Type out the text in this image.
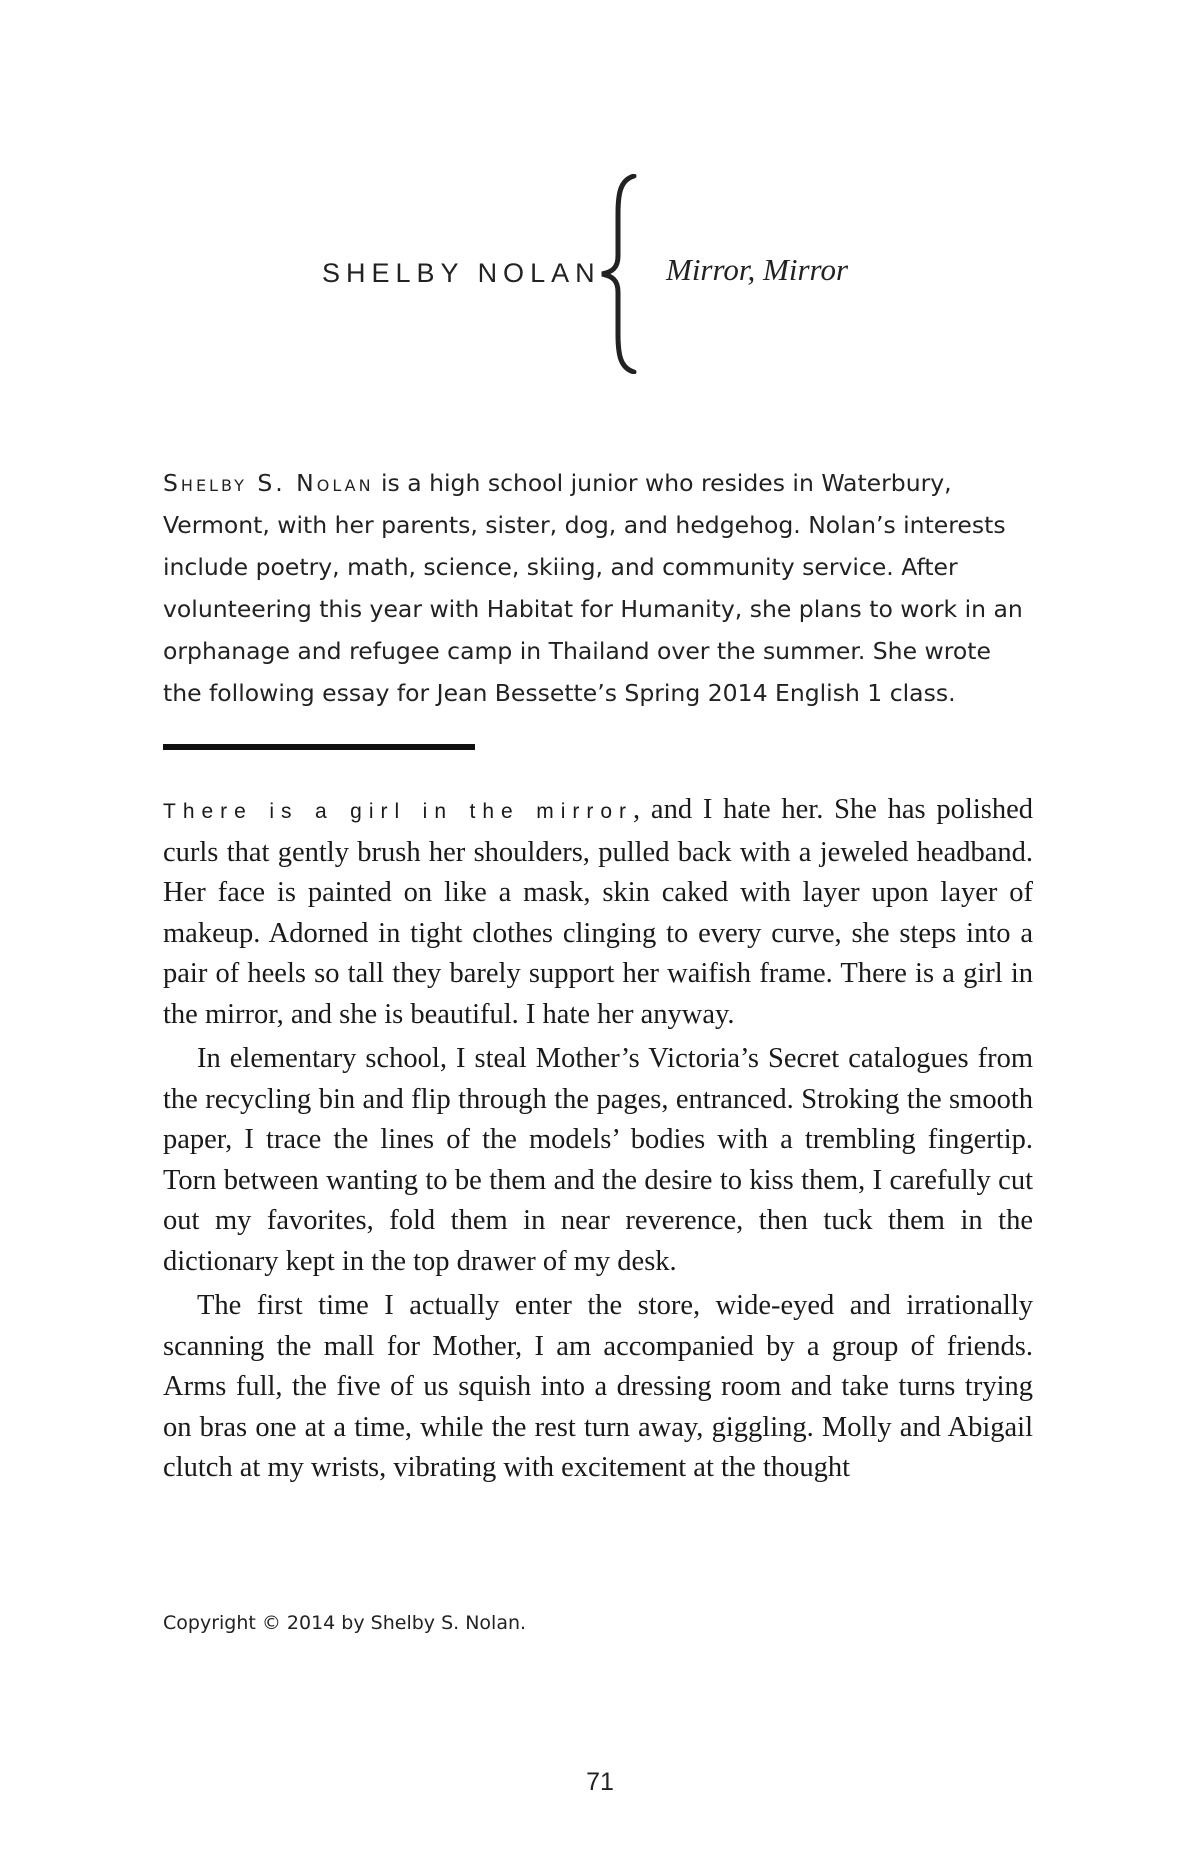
SHELBY NOLAN Mirror, Mirror
Shelby S. Nolan is a high school junior who resides in Waterbury, Vermont, with her parents, sister, dog, and hedgehog. Nolan’s interests include poetry, math, science, skiing, and community service. After volunteering this year with Habitat for Humanity, she plans to work in an orphanage and refugee camp in Thailand over the summer. She wrote the following essay for Jean Bessette’s Spring 2014 English 1 class.

There is a girl in the mirror, and I hate her. She has polished curls that gently brush her shoulders, pulled back with a jeweled headband. Her face is painted on like a mask, skin caked with layer upon layer of makeup. Adorned in tight clothes clinging to every curve, she steps into a pair of heels so tall they barely support her waifish frame. There is a girl in the mirror, and she is beautiful. I hate her anyway.

In elementary school, I steal Mother’s Victoria’s Secret catalogues from the recycling bin and flip through the pages, entranced. Stroking the smooth paper, I trace the lines of the models’ bodies with a trembling fingertip. Torn between wanting to be them and the desire to kiss them, I carefully cut out my favorites, fold them in near reverence, then tuck them in the dictionary kept in the top drawer of my desk.

The first time I actually enter the store, wide-eyed and irrationally scanning the mall for Mother, I am accompanied by a group of friends. Arms full, the five of us squish into a dressing room and take turns trying on bras one at a time, while the rest turn away, giggling. Molly and Abigail clutch at my wrists, vibrating with excitement at the thought

Copyright © 2014 by Shelby S. Nolan.
71
